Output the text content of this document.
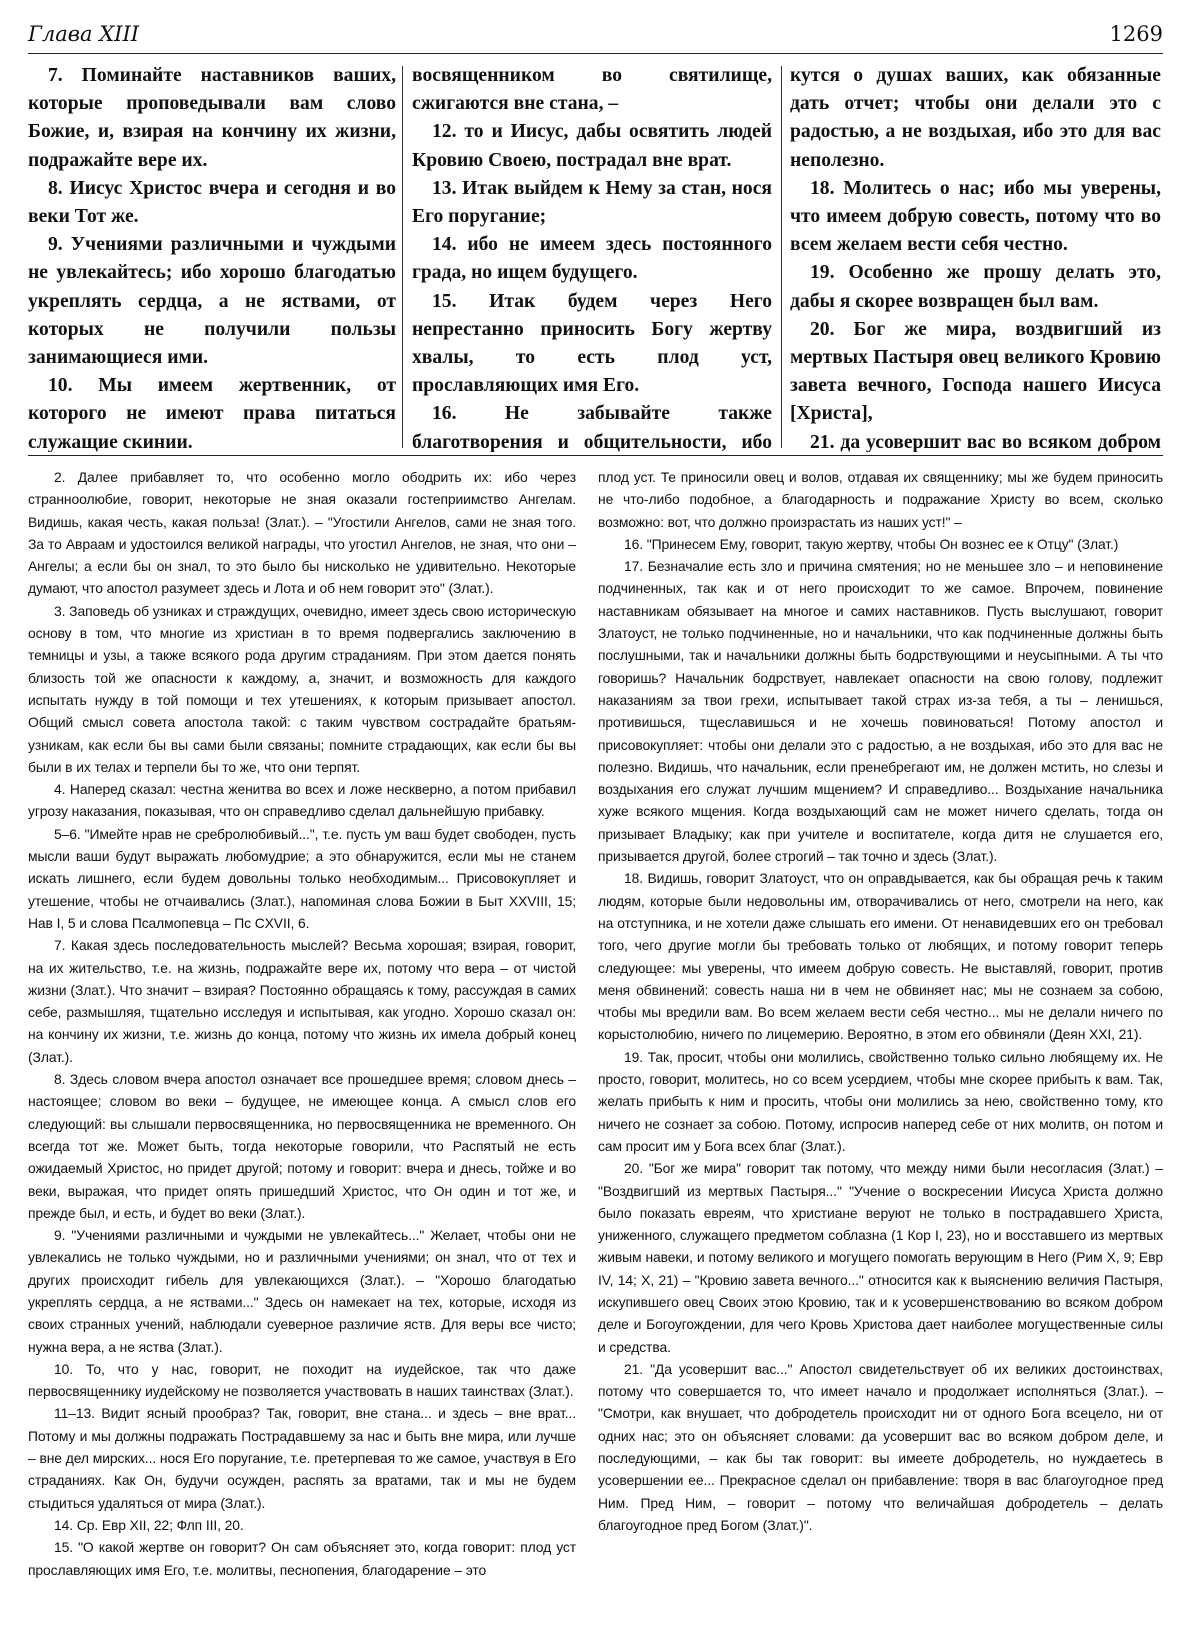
Глава XIII	1269

7. Поминайте наставников ваших, которые проповедывали вам слово Божие, и, взирая на кончину их жизни, подражайте вере их.

8. Иисус Христос вчера и сегодня и во веки Тот же.

9. Учениями различными и чуждыми не увлекайтесь; ибо хорошо благодатью укреплять сердца, а не яствами, от которых не получили пользы занимающиеся ими.

10. Мы имеем жертвенник, от которого не имеют права питаться служащие скинии.

восвященником во святилище, сжигаются вне стана, –

12. то и Иисус, дабы освятить людей Кровию Своею, пострадал вне врат.

13. Итак выйдем к Нему за стан, нося Его поругание;

14. ибо не имеем здесь постоянного града, но ищем будущего.

15. Итак будем через Него непрестанно приносить Богу жертву хвалы, то есть плод уст, прославляющих имя Его.

16. Не забывайте также благотворения и общительности, ибо

кутся о душах ваших, как обязанные дать отчет; чтобы они делали это с радостью, а не воздыхая, ибо это для вас неполезно.

18. Молитесь о нас; ибо мы уверены, что имеем добрую совесть, потому что во всем желаем вести себя честно.

19. Особенно же прошу делать это, дабы я скорее возвращен был вам.

20. Бог же мира, воздвигший из мертвых Пастыря овец великого Кровию завета вечного, Господа нашего Иисуса [Христа],

21. да усовершит вас во всяком добром

2. Далее прибавляет то, что особенно могло ободрить их: ибо через странноолюбие, говорит, некоторые не зная оказали гостеприимство Ангелам. Видишь, какая честь, какая польза! (Злат.). – "Угостили Ангелов, сами не зная того. За то Авраам и удостоился великой награды, что угостил Ангелов, не зная, что они – Ангелы; а если бы он знал, то это было бы нисколько не удивительно. Некоторые думают, что апостол разумеет здесь и Лота и об нем говорит это" (Злат.).

3. Заповедь об узниках и страждущих, очевидно, имеет здесь свою историческую основу в том, что многие из христиан в то время подвергались заключению в темницы и узы, а также всякого рода другим страданиям. При этом дается понять близость той же опасности к каждому, а, значит, и возможность для каждого испытать нужду в той помощи и тех утешениях, к которым призывает апостол. Общий смысл совета апостола такой: с таким чувством сострадайте братьям-узникам, как если бы вы сами были связаны; помните страдающих, как если бы вы были в их телах и терпели бы то же, что они терпят.

4. Наперед сказал: честна женитва во всех и ложе нескверно, а потом прибавил угрозу наказания, показывая, что он справедливо сделал дальнейшую прибавку.

5–6. "Имейте нрав не сребролюбивый...", т.е. пусть ум ваш будет свободен, пусть мысли ваши будут выражать любомудрие; а это обнаружится, если мы не станем искать лишнего, если будем довольны только необходимым... Присовокупляет и утешение, чтобы не отчаивались (Злат.), напоминая слова Божии в Быт XXVIII, 15; Нав I, 5 и слова Псалмопевца – Пс CXVII, 6.

7. Какая здесь последовательность мыслей? Весьма хорошая; взирая, говорит, на их жительство, т.е. на жизнь, подражайте вере их, потому что вера – от чистой жизни (Злат.). Что значит – взирая? Постоянно обращаясь к тому, рассуждая в самих себе, размышляя, тщательно исследуя и испытывая, как угодно. Хорошо сказал он: на кончину их жизни, т.е. жизнь до конца, потому что жизнь их имела добрый конец (Злат.).

8. Здесь словом вчера апостол означает все прошедшее время; словом днесь – настоящее; словом во веки – будущее, не имеющее конца. А смысл слов его следующий: вы слышали первосвященника, но первосвященника не временного. Он всегда тот же. Может быть, тогда некоторые говорили, что Распятый не есть ожидаемый Христос, но придет другой; потому и говорит: вчера и днесь, тойже и во веки, выражая, что придет опять пришедший Христос, что Он один и тот же, и прежде был, и есть, и будет во веки (Злат.).

9. "Учениями различными и чуждыми не увлекайтесь..." Желает, чтобы они не увлекались не только чуждыми, но и различными учениями; он знал, что от тех и других происходит гибель для увлекающихся (Злат.). – "Хорошо благодатью укреплять сердца, а не яствами..." Здесь он намекает на тех, которые, исходя из своих странных учений, наблюдали суеверное различие яств. Для веры все чисто; нужна вера, а не яства (Злат.).

10. То, что у нас, говорит, не походит на иудейское, так что даже первосвященнику иудейскому не позволяется участвовать в наших таинствах (Злат.).

11–13. Видит ясный прообраз? Так, говорит, вне стана... и здесь – вне врат... Потому и мы должны подражать Пострадавшему за нас и быть вне мира, или лучше – вне дел мирских... нося Его поругание, т.е. претерпевая то же самое, участвуя в Его страданиях. Как Он, будучи осужден, распять за вратами, так и мы не будем стыдиться удаляться от мира (Злат.).

14. Ср. Евр XII, 22; Флп III, 20.

15. "О какой жертве он говорит? Он сам объясняет это, когда говорит: плод уст прославляющих имя Его, т.е. молитвы, песнопения, благодарение – это

плод уст. Те приносили овец и волов, отдавая их священнику; мы же будем приносить не что-либо подобное, а благодарность и подражание Христу во всем, сколько возможно: вот, что должно произрастать из наших уст!" –

16. "Принесем Ему, говорит, такую жертву, чтобы Он вознес ее к Отцу" (Злат.)

17. Безначалие есть зло и причина смятения; но не меньшее зло – и неповинение подчиненных, так как и от него происходит то же самое. Впрочем, повинение наставникам обязывает на многое и самих наставников. Пусть выслушают, говорит Златоуст, не только подчиненные, но и начальники, что как подчиненные должны быть послушными, так и начальники должны быть бодрствующими и неусыпными. А ты что говоришь? Начальник бодрствует, навлекает опасности на свою голову, подлежит наказаниям за твои грехи, испытывает такой страх из-за тебя, а ты – ленишься, противишься, тщеславишься и не хочешь повиноваться! Потому апостол и присовокупляет: чтобы они делали это с радостью, а не воздыхая, ибо это для вас не полезно. Видишь, что начальник, если пренебрегают им, не должен мстить, но слезы и воздыхания его служат лучшим мщением? И справедливо... Воздыхание начальника хуже всякого мщения. Когда воздыхающий сам не может ничего сделать, тогда он призывает Владыку; как при учителе и воспитателе, когда дитя не слушается его, призывается другой, более строгий – так точно и здесь (Злат.).

18. Видишь, говорит Златоуст, что он оправдывается, как бы обращая речь к таким людям, которые были недовольны им, отворачивались от него, смотрели на него, как на отступника, и не хотели даже слышать его имени. От ненавидевших его он требовал того, чего другие могли бы требовать только от любящих, и потому говорит теперь следующее: мы уверены, что имеем добрую совесть. Не выставляй, говорит, против меня обвинений: совесть наша ни в чем не обвиняет нас; мы не сознаем за собою, чтобы мы вредили вам. Во всем желаем вести себя честно... мы не делали ничего по корыстолюбию, ничего по лицемерию. Вероятно, в этом его обвиняли (Деян XXI, 21).

19. Так, просит, чтобы они молились, свойственно только сильно любящему их. Не просто, говорит, молитесь, но со всем усердием, чтобы мне скорее прибыть к вам. Так, желать прибыть к ним и просить, чтобы они молились за нею, свойственно тому, кто ничего не сознает за собою. Потому, испросив наперед себе от них молитв, он потом и сам просит им у Бога всех благ (Злат.).

20. "Бог же мира" говорит так потому, что между ними были несогласия (Злат.) – "Воздвигший из мертвых Пастыря..." "Учение о воскресении Иисуса Христа должно было показать евреям, что христиане веруют не только в пострадавшего Христа, униженного, служащего предметом соблазна (1 Кор I, 23), но и восставшего из мертвых живым навеки, и потому великого и могущего помогать верующим в Него (Рим X, 9; Евр IV, 14; X, 21) – "Кровию завета вечного..." относится как к выяснению величия Пастыря, искупившего овец Своих этою Кровию, так и к усовершенствованию во всяком добром деле и Богоугождении, для чего Кровь Христова дает наиболее могущественные силы и средства.

21. "Да усовершит вас..." Апостол свидетельствует об их великих достоинствах, потому что совершается то, что имеет начало и продолжает исполняться (Злат.). – "Смотри, как внушает, что добродетель происходит ни от одного Бога всецело, ни от одних нас; это он объясняет словами: да усовершит вас во всяком добром деле, и последующими, – как бы так говорит: вы имеете добродетель, но нуждаетесь в усовершении ее... Прекрасное сделал он прибавление: творя в вас благоугодное пред Ним. Пред Ним, – говорит – потому что величайшая добродетель – делать благоугодное пред Богом (Злат.)".
